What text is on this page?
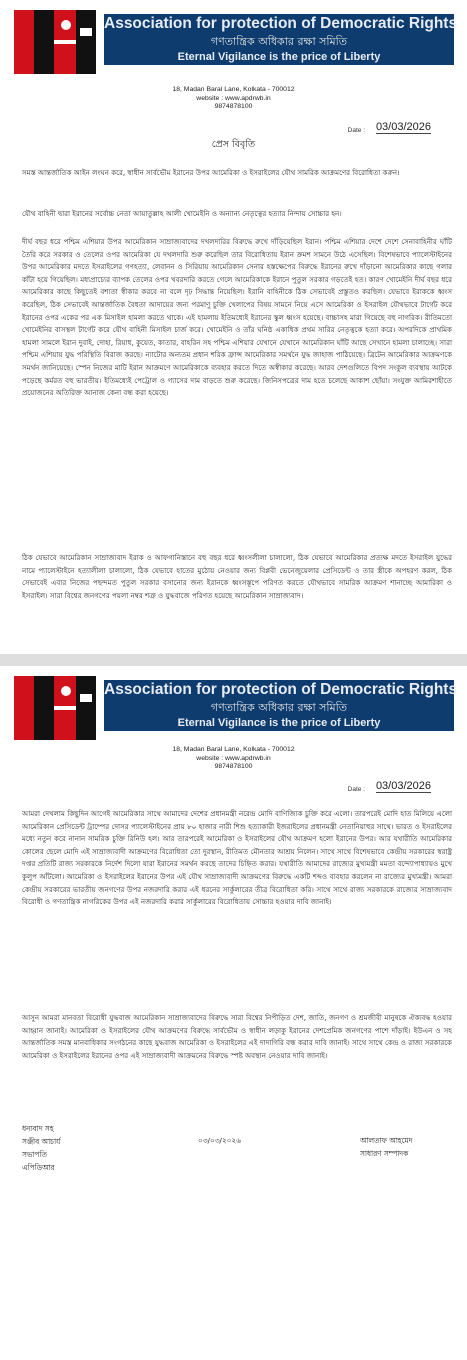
Association for protection of Democratic Rights
গণতান্ত্রিক অধিকার রক্ষা সমিতি
Eternal Vigilance is the price of Liberty
18, Madan Baral Lane, Kolkata - 700012
website : www.apdrwb.in
9874878100
Date : 03/03/2026
প্রেস বিবৃতি
সমস্ত আন্তর্জাতিক আইন লংঘন করে, স্বাধীন সার্বভৌম ইরানের উপর আমেরিকা ও ইসরাইলের যৌথ সামরিক আক্রমণের বিরোধিতা করুন।
যৌথ বাহিনী দ্বারা ইরানের সর্বোচ্চ নেতা আয়াতুল্লাহ আলী খোমেইনি ও অন্যান্য নেতৃত্বের হত্যার নিন্দায় সোচ্চার হন।
দীর্ঘ বছর ধরে পশ্চিম এশিয়ার উপর আমেরিকান সাম্রাজ্যবাদের দখলদারির বিরুদ্ধে রুখে দাঁড়িয়েছিল ইরান। পশ্চিম এশিয়ার দেশে দেশে সেনাবাহিনীর ঘাঁটি তৈরি করে সরকার ও তেলের ওপর আমেরিকা যে দখলদারি শুরু করেছিল তার বিরোধিতায় ইরান ক্রমশ সামনে উঠে এসেছিল। বিশেষভাবে প্যালেস্টাইনের উপর আমেরিকার মদতে ইসরাইলের গণহত্যা, লেবানন ও সিরিয়ায় আমেরিকান সেনার হস্তক্ষেপের বিরুদ্ধে ইরানের রুখে দাঁড়ানো আমেরিকার কাছে গলার কাঁটা হয়ে গিয়েছিল। মধ্যপ্রাচ্যের ব্যাপক তেলের ওপর খবরদারি করতে গেলে আমেরিকাকে ইরানে পুতুল সরকার গড়তেই হত। কারণ খোমেইনি দীর্ঘ বছর ধরে আমেরিকার কাছে কিছুতেই বশ্যতা স্বীকার করবে না বলে দৃঢ় সিদ্ধান্ত নিয়েছিল। ইরানি বাহিনীকে ঠিক সেভাবেই প্রস্তুতও করছিল। যেভাবে ইরাককে ধ্বংস করেছিল, ঠিক সেভাবেই আন্তর্জাতিক বৈধতা আদায়ের জন্য পরমাণু চুক্তি খেলাপের বিষয় সামনে নিয়ে এসে আমেরিকা ও ইসরাইল যৌথভাবে টার্গেট করে ইরানের ওপর একের পর এক মিসাইল হামলা করতে থাকে। এই হামলায় ইতিমধ্যেই ইরানের স্কুল ধ্বংস হয়েছে। বাচ্চাসহ মারা গিয়েছে বহু নাগরিক। রীতিমতো খোমেইনির বাসস্থল টার্গেট করে যৌথ বাহিনী মিসাইল চার্জ করে। খোমেইনি ও তাঁর ঘনিষ্ঠ একাধিক প্রথম সারির নেতৃত্বকে হত্যা করে। অপরদিকে প্রাথমিক হামলা সামলে ইরান দুবাই, দোহা, রিয়াধ, কুয়েত, কাতার, বাহরিন সহ পশ্চিম এশিয়ার যেখানে যেখানে আমেরিকান ঘাঁটি আছে সেখানে হামলা চালাচ্ছে। সারা পশ্চিম এশিয়ায় যুদ্ধ পরিস্থিতি বিরাজ করছে। ন্যাটোর অন্যতম প্রধান শরিক ফ্রান্স আমেরিকার সমর্থনে যুদ্ধ জাহাজ পাঠিয়েছে। ব্রিটেন আমেরিকার আক্রমণকে সমর্থন জানিয়েছে। স্পেন নিজের মাটি ইরান আক্রমণে আমেরিকাকে ব্যবহার করতে দিতে অস্বীকার করেছে। আরব দেশগুলিতে বিপদ সংকুল ব্যবস্থায় আটকে পড়েছে কর্মরত বহু ভারতীয়। ইতিমধ্যেই পেট্রোল ও গ্যাসের দাম বাড়তে শুরু করেছে। জিনিসপত্রের দাম হতে চলেছে আকাশ ছোঁয়া। সংযুক্ত আমিরশাহীতে প্রয়োজনের অতিরিক্ত আনাজ কেনা বন্ধ করা হয়েছে।
ঠিক যেভাবে আমেরিকান সাম্রাজ্যবাদ ইরাক ও আফগানিস্তানে বহু বছর ধরে ধ্বংসলীলা চালালো, ঠিক যেভাবে আমেরিকার প্রত্যক্ষ মদতে ইসরাইল যুদ্ধের নামে প্যালেস্টাইনে হত্যালীলা চালালো, ঠিক যেভাবে হাতের মুঠোয় নেওয়ার জন্য বিপ্লবী ভেনেজুয়েলার প্রেসিডেন্ট ও তার স্ত্রীকে অপহরণ করল, ঠিক সেভাবেই এবার নিজের পছন্দমত পুতুল সরকার বসানোর জন্য ইরানকে ধ্বংসস্তূপে পরিণত করতে যৌথভাবে সামরিক আক্রমণ শানাচ্ছে আমারিকা ও ইসরাইল। সারা বিশ্বের জনগণের পয়লা নম্বর শত্রু ও যুদ্ধবাজে পরিণত হয়েছে আমেরিকান সাম্রাজ্যবাদ।
Association for protection of Democratic Rights
গণতান্ত্রিক অধিকার রক্ষা সমিতি
Eternal Vigilance is the price of Liberty
18, Madan Baral Lane, Kolkata - 700012
website : www.apdrwb.in
9874878100
Date : 03/03/2026
আমরা দেখলাম কিছুদিন আগেই আমেরিকার সাথে আমাদের দেশের প্রধানমন্ত্রী নরেন্দ্র মোদি বাণিজ্যিক চুক্তি করে এলো। তারপরেই মোদি হাত মিলিয়ে এলো আমেরিকান প্রেসিডেন্ট ট্রাম্পের দোসর প্যালেস্টাইনের প্রায় ৮০ হাজার নারী শিশু হত্যাকারী ইজরাইলের প্রধানমন্ত্রী নেতানিয়াহুর সাথে। ভারত ও ইসরাইলের মধ্যে নতুন করে নানান সামরিক চুক্তি রিনিউ হল। আর তারপরেই আমেরিকা ও ইসরাইলের যৌথ আক্রমণ হলো ইরানের উপর। আর যথারীতি আমেরিকার কোলের ছেলে মোদি এই সাম্রাজ্যবাদী আক্রমণের বিরোধিতা তো দুরস্থান, রীতিমত মৌনতার আশ্রয় নিলেন। সাথে সাথে বিশেষভাবে কেন্দ্রীয় সরকারের স্বরাষ্ট্র দপ্তর প্রতিটি রাজ্য সরকারকে নির্দেশ দিলো যারা ইরানের সমর্থন করছে তাদের চিহ্নিত করার। যথারীতি আমাদের রাজ্যের মুখ্যমন্ত্রী মমতা বন্দ্যোপাধ্যায়ও মুখে কুলুপ আঁটলো। আমেরিকা ও ইসরাইলের ইরানের উপর এই যৌথ সাম্রাজ্যবাদী আক্রমণের বিরুদ্ধে একটি শব্দও ব্যবহার করলেন না রাজ্যের মুখ্যমন্ত্রী। আমরা কেন্দ্রীয় সরকারের ভারতীয় জনগণের উপর নজরদারি করার এই ধরনের সার্কুলারের তীব্র বিরোধিতা করি। সাথে সাথে রাজ্য সরকারকে রাজ্যের সাম্রাজ্যবাদ বিরোধী ও গণতান্ত্রিক নাগরিকের উপর এই নজরদারি করার সার্কুলারের বিরোধিতায় সোচ্চার হওয়ার দাবি জানাই।
আসুন আমরা মানবতা বিরোধী যুদ্ধবাজ আমেরিকান সাম্রাজ্যবাদের বিরুদ্ধে সারা বিশ্বের নিপীড়িত দেশ, জাতি, জনগণ ও শ্রমজীবী মানুষকে ঐক্যবদ্ধ হওয়ার আহ্বান জানাই। আমেরিকা ও ইসরাইলের যৌথ আক্রমণের বিরুদ্ধে সার্বভৌম ও স্বাধীন লড়াকু ইরানের দেশপ্রেমিক জনগণের পাশে দাঁড়াই। ইউএন ও সহ আন্তর্জাতিক সমস্ত মানবাধিকার সংগঠনের কাছে যুদ্ধবাজ আমেরিকা ও ইসরাইলের এই দাদাগিরি বন্ধ করার দাবি জানাই। সাথে সাথে কেন্দ্র ও রাজ্য সরকারকে আমেরিকা ও ইসরাইলের ইরানের ওপর এই সাম্রাজ্যবাদী আক্রমনের বিরুদ্ধে স্পষ্ট অবস্থান নেওয়ার দাবি জানাই।
ধন্যবাদ সহ
সঞ্জীব আচার্য
সভাপতি
এপিডিআর
০৩/০৩/২০২৬	আলতাফ আহমেদ
সাধারণ সম্পাদক
